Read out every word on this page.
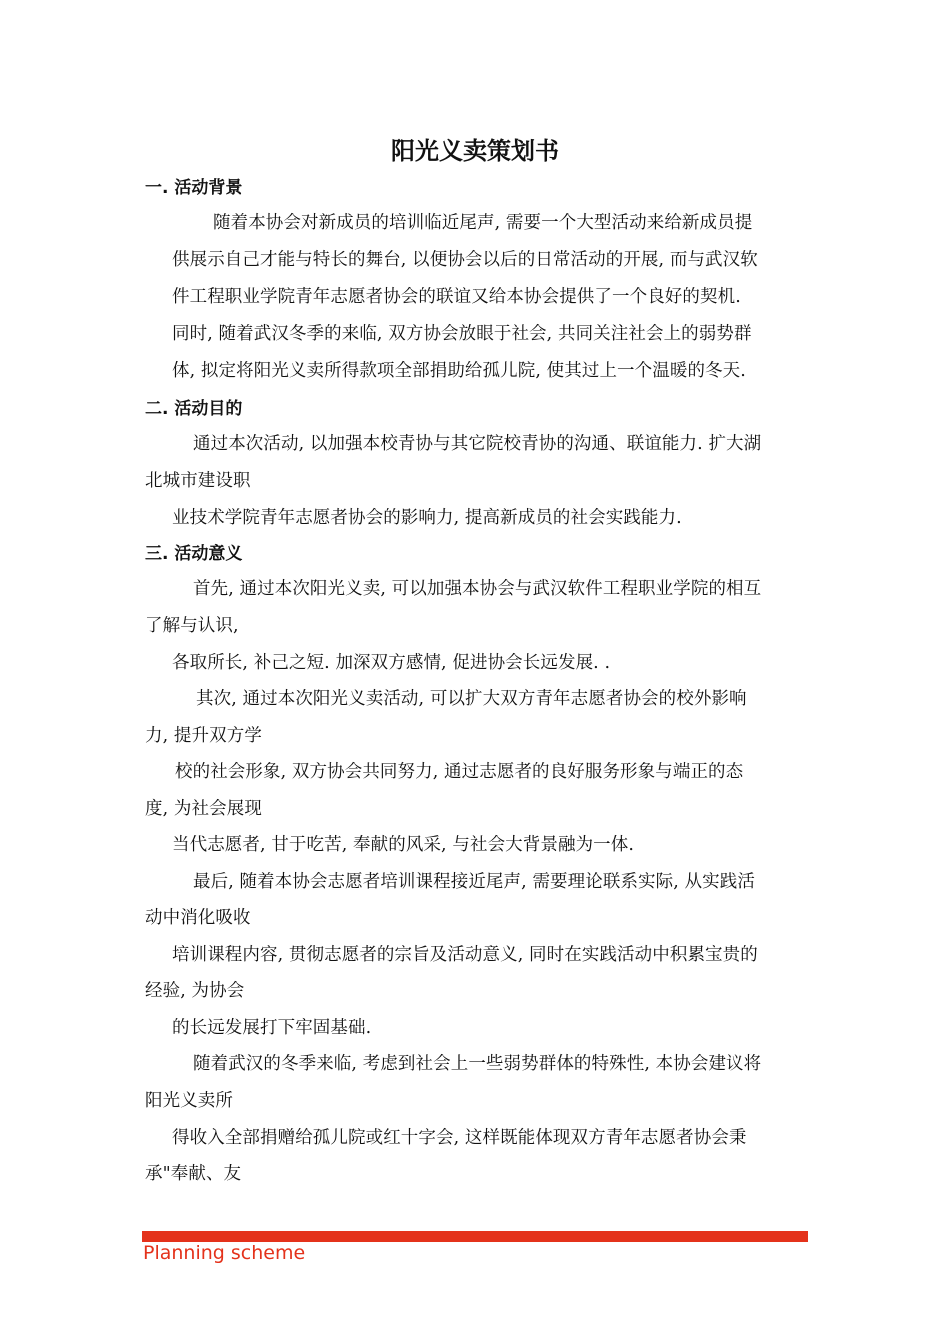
阳光义卖策划书
一. 活动背景
随着本协会对新成员的培训临近尾声, 需要一个大型活动来给新成员提
供展示自己才能与特长的舞台, 以便协会以后的日常活动的开展, 而与武汉软
件工程职业学院青年志愿者协会的联谊又给本协会提供了一个良好的契机.
同时, 随着武汉冬季的来临, 双方协会放眼于社会, 共同关注社会上的弱势群
体, 拟定将阳光义卖所得款项全部捐助给孤儿院, 使其过上一个温暖的冬天.
二. 活动目的
通过本次活动, 以加强本校青协与其它院校青协的沟通、联谊能力. 扩大湖
北城市建设职
业技术学院青年志愿者协会的影响力, 提高新成员的社会实践能力.
三. 活动意义
首先, 通过本次阳光义卖, 可以加强本协会与武汉软件工程职业学院的相互
了解与认识,
各取所长, 补己之短. 加深双方感情, 促进协会长远发展. .
其次, 通过本次阳光义卖活动, 可以扩大双方青年志愿者协会的校外影响
力, 提升双方学
校的社会形象, 双方协会共同努力, 通过志愿者的良好服务形象与端正的态
度, 为社会展现
当代志愿者, 甘于吃苦, 奉献的风采, 与社会大背景融为一体.
最后, 随着本协会志愿者培训课程接近尾声, 需要理论联系实际, 从实践活
动中消化吸收
培训课程内容, 贯彻志愿者的宗旨及活动意义, 同时在实践活动中积累宝贵的
经验, 为协会
的长远发展打下牢固基础.
随着武汉的冬季来临, 考虑到社会上一些弱势群体的特殊性, 本协会建议将
阳光义卖所
得收入全部捐赠给孤儿院或红十字会, 这样既能体现双方青年志愿者协会秉
承"奉献、友
Planning scheme
